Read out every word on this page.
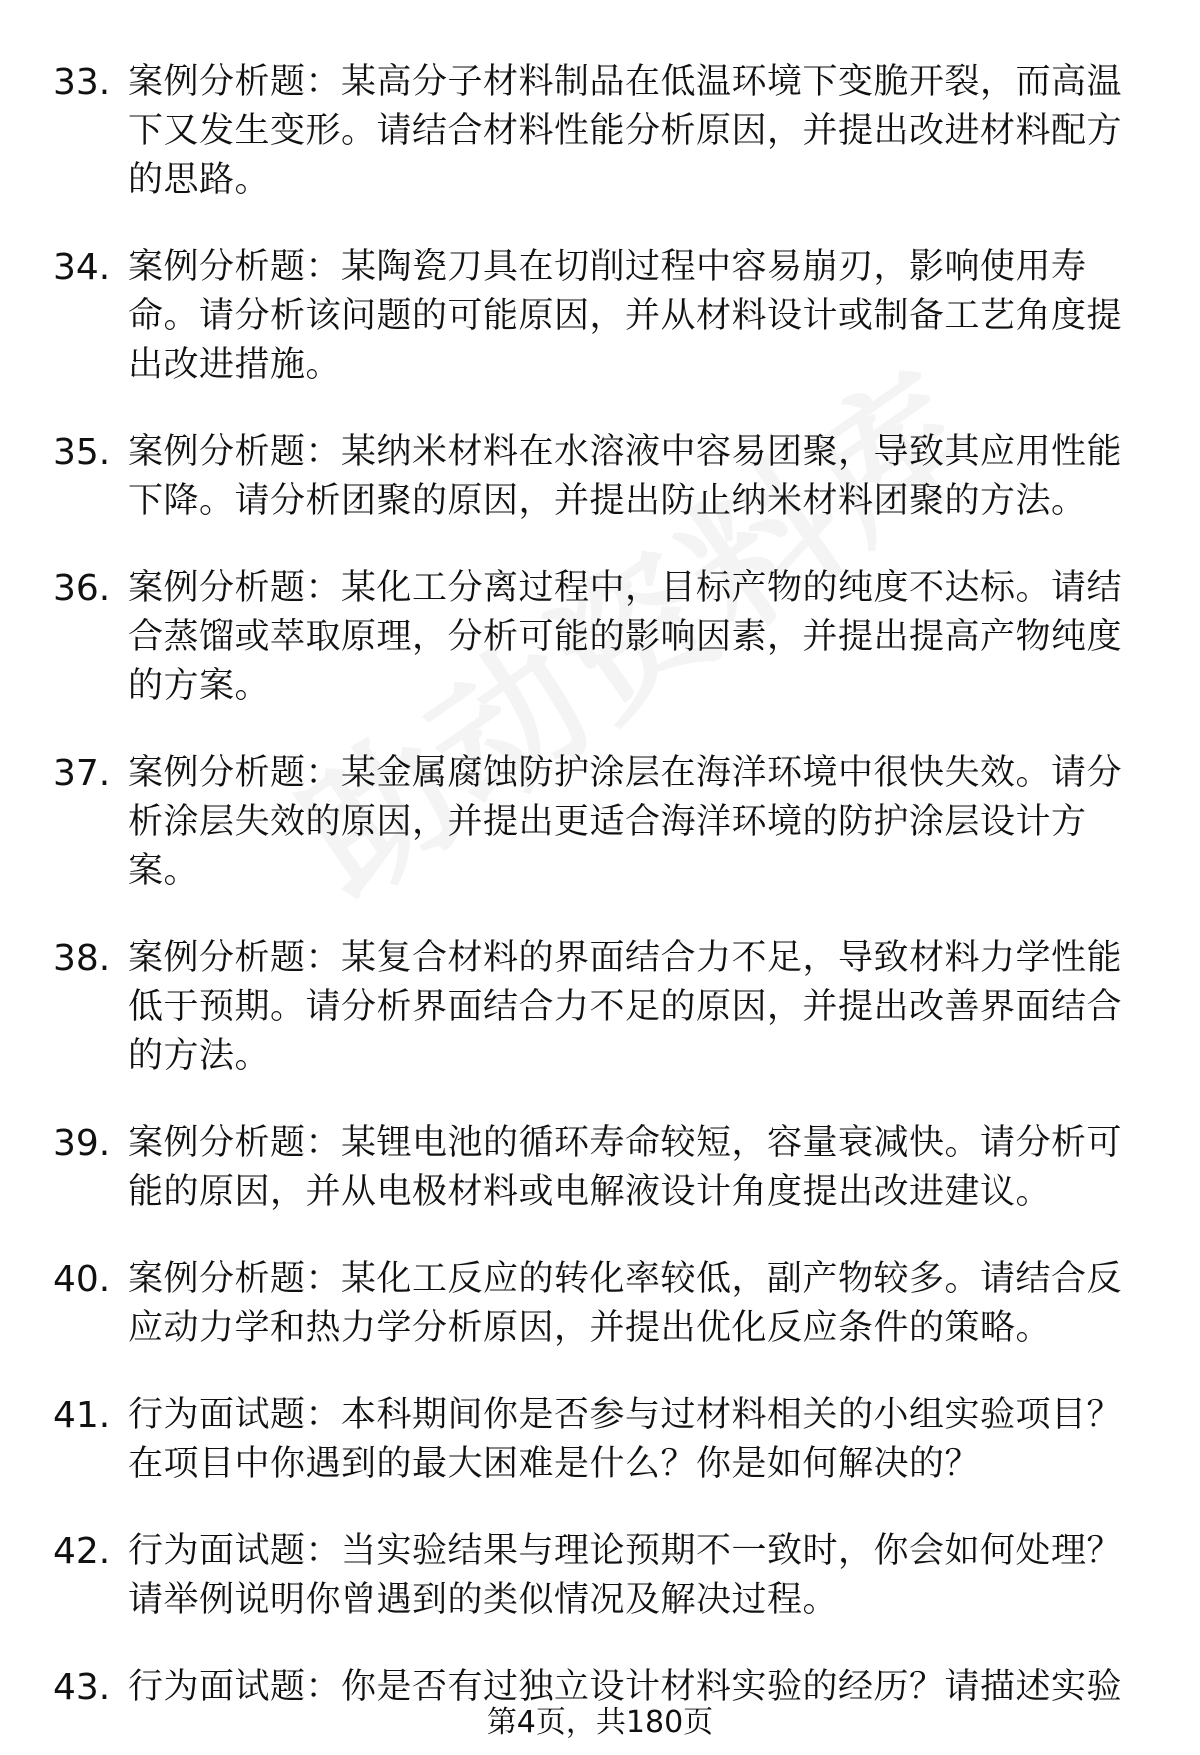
33. 案例分析题：某高分子材料制品在低温环境下变脆开裂，而高温下又发生变形。请结合材料性能分析原因，并提出改进材料配方的思路。
34. 案例分析题：某陶瓷刀具在切削过程中容易崩刃，影响使用寿命。请分析该问题的可能原因，并从材料设计或制备工艺角度提出改进措施。
35. 案例分析题：某纳米材料在水溶液中容易团聚，导致其应用性能下降。请分析团聚的原因，并提出防止纳米材料团聚的方法。
36. 案例分析题：某化工分离过程中，目标产物的纯度不达标。请结合蒸馏或萃取原理，分析可能的影响因素，并提出提高产物纯度的方案。
37. 案例分析题：某金属腐蚀防护涂层在海洋环境中很快失效。请分析涂层失效的原因，并提出更适合海洋环境的防护涂层设计方案。
38. 案例分析题：某复合材料的界面结合力不足，导致材料力学性能低于预期。请分析界面结合力不足的原因，并提出改善界面结合的方法。
39. 案例分析题：某锂电池的循环寿命较短，容量衰减快。请分析可能的原因，并从电极材料或电解液设计角度提出改进建议。
40. 案例分析题：某化工反应的转化率较低，副产物较多。请结合反应动力学和热力学分析原因，并提出优化反应条件的策略。
41. 行为面试题：本科期间你是否参与过材料相关的小组实验项目？在项目中你遇到的最大困难是什么？你是如何解决的？
42. 行为面试题：当实验结果与理论预期不一致时，你会如何处理？请举例说明你曾遇到的类似情况及解决过程。
43. 行为面试题：你是否有过独立设计材料实验的经历？请描述实验
第4页，共180页
